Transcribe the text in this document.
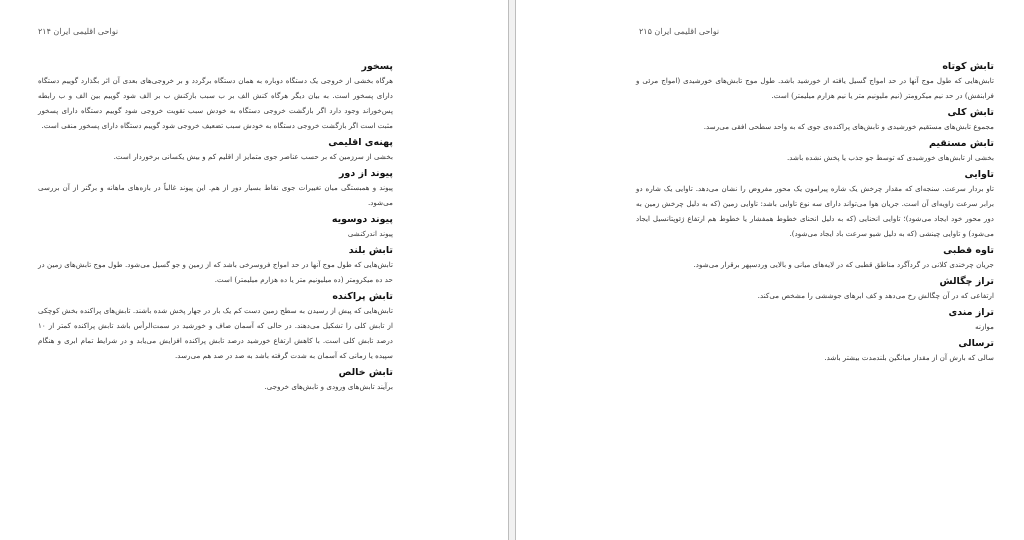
نواحی اقلیمی ایران ۲۱۴
پسخور
هرگاه بخشی از خروجی یک دستگاه دوباره به همان دستگاه برگردد و بر خروجی‌های بعدی آن اثر بگذارد گوییم دستگاه دارای پسخور است. به بیان دیگر هرگاه کنش الف بر ب سبب بازکنش ب بر الف شود گوییم بین الف و ب رابطه پس‌خوراند وجود دارد اگر بازگشت خروجی دستگاه به خودش سبب تقویت خروجی شود گوییم دستگاه دارای پسخور مثبت است اگر بازگشت خروجی دستگاه به خودش سبب تضعیف خروجی شود گوییم دستگاه دارای پسخور منفی است.
پهنه‌ی اقلیمی
بخشی از سرزمین که بر حسب عناصر جوی متمایز از اقلیم کم و بیش یکسانی برخوردار است.
پیوند از دور
پیوند و همبستگی میان تغییرات جوی نقاط بسیار دور از هم. این پیوند غالباً در بازه‌های ماهانه و برگتر از آن بررسی می‌شود.
پیوند دوسویه
پیوند اندرکنشی
تابش بلند
تابش‌هایی که طول موج آنها در حد امواج فروسرخی باشد که از زمین و جو گسیل می‌شود. طول موج تابش‌های زمین در حد ده میکرومتر (ده میلیونیم متر یا ده هزارم میلیمتر) است.
تابش پراکنده
تابش‌هایی که پیش از رسیدن به سطح زمین دست کم یک بار در جهار پخش شده باشند. تابش‌های پراکنده بخش کوچکی از تابش کلی را تشکیل می‌دهند. در حالی که آسمان صاف و خورشید در سمت‌الرأس باشد تابش پراکنده کمتر از ۱۰ درصد تابش کلی است. با کاهش ارتفاع خورشید درصد تابش پراکنده افزایش می‌یابد و در شرایط تمام ابری و هنگام سپیده یا زمانی که آسمان به شدت گرفته باشد به صد در صد هم می‌رسد.
تابش خالص
برآیند تابش‌های ورودی و تابش‌های خروجی.
نواحی اقلیمی ایران ۲۱۵
تابش کوتاه
تابش‌هایی که طول موج آنها در حد امواج گسیل یافته از خورشید باشد. طول موج تابش‌های خورشیدی (امواج مرئی و فرابنفش) در حد نیم میکرومتر (نیم ملیونیم متر یا نیم هزارم میلیمتر) است.
تابش کلی
مجموع تابش‌های مستقیم خورشیدی و تابش‌های پراکنده‌ی جوی که به واحد سطحی افقی می‌رسد.
تابش مستقیم
بخشی از تابش‌های خورشیدی که توسط جو جذب یا پخش نشده باشد.
تاوایی
تاو بردار سرعت. سنجه‌ای که مقدار چرخش یک شاره پیرامون یک محور مفروض را نشان می‌دهد. تاوایی یک شاره دو برابر سرعت زاویه‌ای آن است. جریان هوا می‌تواند دارای سه نوع تاوایی باشد: تاوایی زمین (که به دلیل چرخش زمین به دور محور خود ایجاد می‌شود)؛ تاوایی انحنایی (که به دلیل انحنای خطوط همفشار یا خطوط هم ارتفاع ژئوپتانسیل ایجاد می‌شود) و تاوایی چینشی (که به دلیل شیو سرعت باد ایجاد می‌شود).
تاوه قطبی
جریان چرخندی کلانی در گردآگرد مناطق قطبی که در لایه‌های میانی و بالایی وردسپهر برقرار می‌شود.
تراز چگالش
ارتفاعی که در آن چگالش رخ می‌دهد و کف ابرهای جوششی را مشخص می‌کند.
تراز مندی
موازنه
ترسالی
سالی که بارش آن از مقدار میانگین بلندمدت بیشتر باشد.
